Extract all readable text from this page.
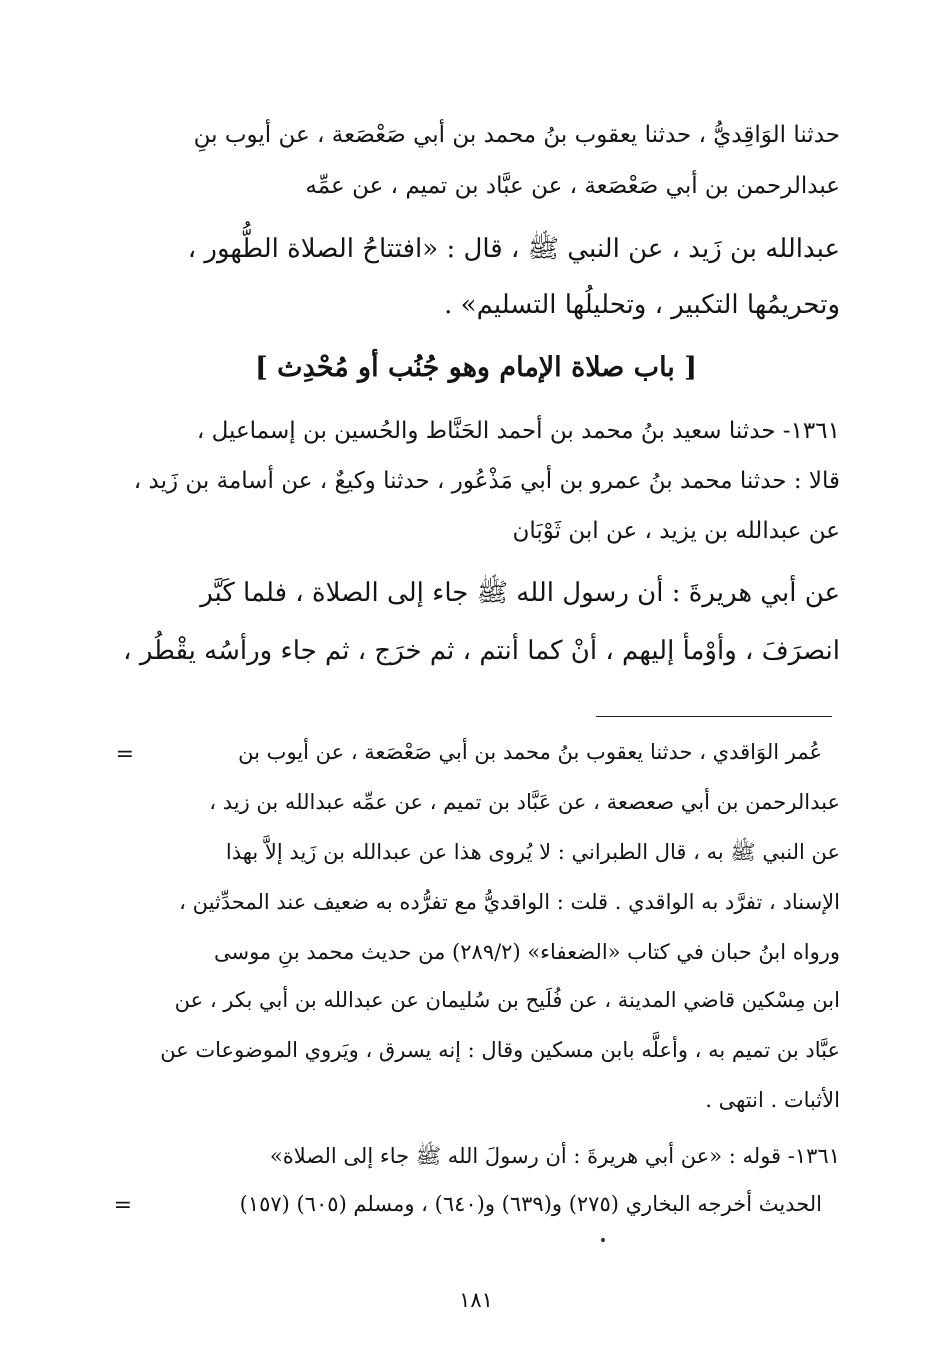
حدثنا الوَاقِديُّ ، حدثنا يعقوب بنُ محمد بن أبي صَعْصَعة ، عن أيوب بنِ
عبدالرحمن بن أبي صَعْصَعة ، عن عبَّاد بن تميم ، عن عمِّه
عبدالله بن زَيد ، عن النبي ﷺ ، قال : «افتتاحُ الصلاة الطُّهور ،
وتحريمُها التكبير ، وتحليلُها التسليم» .
[ باب صلاة الإمام وهو جُنُب أو مُحْدِث ]
١٣٦١- حدثنا سعيد بنُ محمد بن أحمد الحَنَّاط والحُسين بن إسماعيل ،
قالا : حدثنا محمد بنُ عمرو بن أبي مَذْعُور ، حدثنا وكيعٌ ، عن أسامة بن زَيد ،
عن عبدالله بن يزيد ، عن ابن ثَوْبَان
عن أبي هريرةَ : أن رسول الله ﷺ جاء إلى الصلاة ، فلما كَبَّر
انصرَفَ ، وأوْمأ إليهم ، أنْ كما أنتم ، ثم خرَج ، ثم جاء ورأسُه يقْطُر ،
عُمر الوَاقدي ، حدثنا يعقوب بنُ محمد بن أبي صَعْصَعة ، عن أيوب بن
=
عبدالرحمن بن أبي صعصعة ، عن عَبَّاد بن تميم ، عن عمِّه عبدالله بن زيد ،
عن النبي ﷺ به ، قال الطبراني : لا يُروى هذا عن عبدالله بن زَيد إلاَّ بهذا
الإسناد ، تفرَّد به الواقدي . قلت : الواقديُّ مع تفرُّده به ضعيف عند المحدِّثين ،
ورواه ابنُ حبان في كتاب «الضعفاء» (٢٨٩/٢) من حديث محمد بنِ موسى
ابن مِسْكين قاضي المدينة ، عن فُلَيح بن سُليمان عن عبدالله بن أبي بكر ، عن
عبَّاد بن تميم به ، وأعلَّه بابن مسكين وقال : إنه يسرق ، ويَروي الموضوعات عن
الأثبات . انتهى .
١٣٦١- قوله : «عن أبي هريرةَ : أن رسولَ الله ﷺ جاء إلى الصلاة»
الحديث أخرجه البخاري (٢٧٥) و(٦٣٩) و(٦٤٠) ، ومسلم (٦٠٥) (١٥٧)
=
١٨١
